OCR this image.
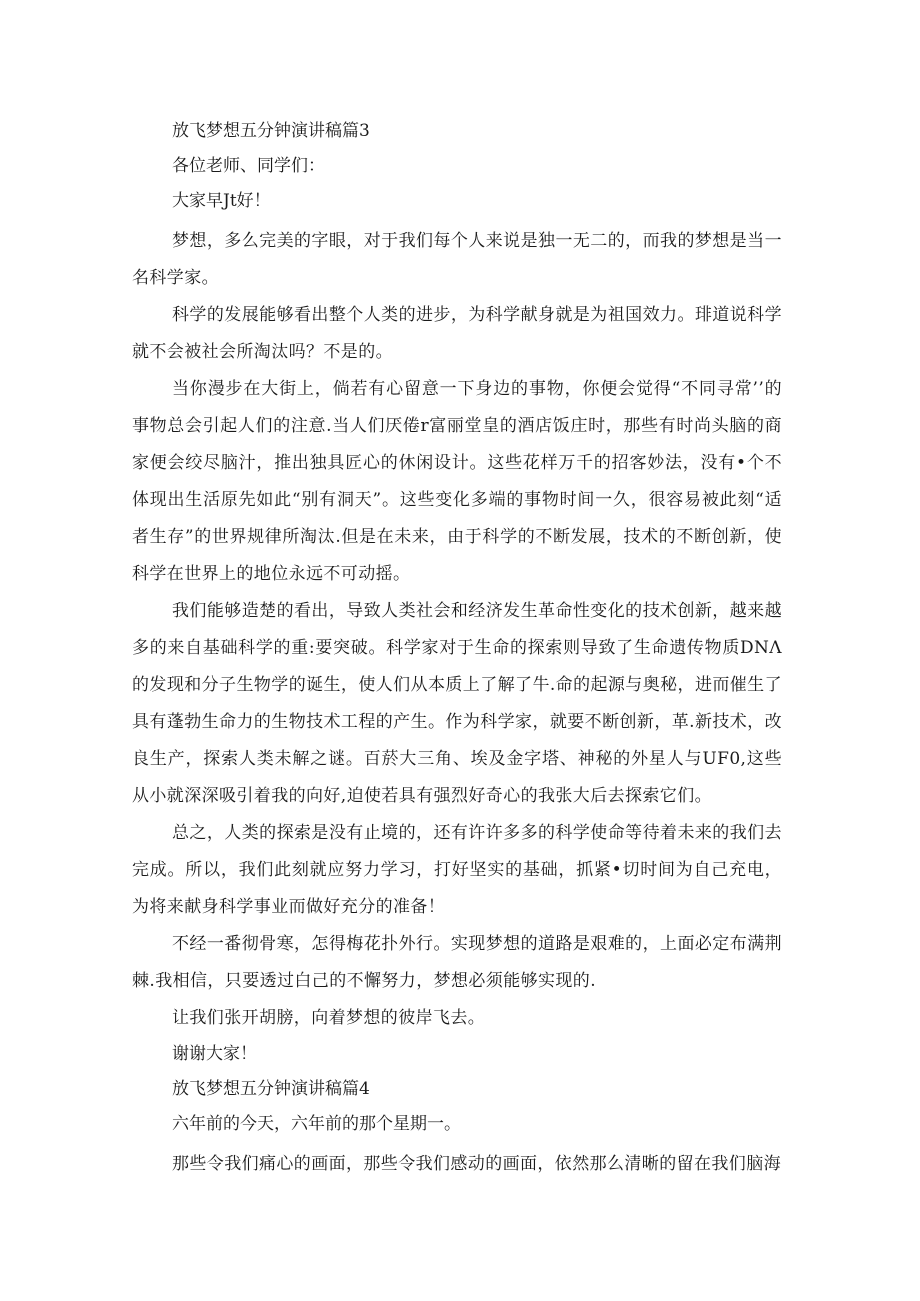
放飞梦想五分钟演讲稿篇3
各位老师、同学们：
大家早Jt好！
梦想，多么完美的字眼，对于我们每个人来说是独一无二的，而我的梦想是当一名科学家。
科学的发展能够看出整个人类的进步，为科学献身就是为祖国效力。琲道说科学就不会被社会所淘汰吗？不是的。
当你漫步在大街上，倘若有心留意一下身边的事物，你便会觉得“不同寻常’’的事物总会引起人们的注意.当人们厌倦r富丽堂皇的酒店饭庄时，那些有时尚头脑的商家便会绞尽脑汁，推出独具匠心的休闲设计。这些花样万千的招客妙法，没有•个不体现出生活原先如此“别有洞天”。这些变化多端的事物时间一久，很容易被此刻“适者生存”的世界规律所淘汰.但是在未来，由于科学的不断发展，技术的不断创新，使科学在世界上的地位永远不可动摇。
我们能够造楚的看出，导致人类社会和经济发生革命性变化的技术创新，越来越多的来自基础科学的重:要突破。科学家对于生命的探索则导致了生命遗传物质DNΛ的发现和分子生物学的诞生，使人们从本质上了解了牛.命的起源与奥秘，进而催生了具有蓬勃生命力的生物技术工程的产生。作为科学家，就要不断创新，革.新技术，改良生产，探索人类未解之谜。百菸大三角、埃及金字塔、神秘的外星人与UF0,这些从小就深深吸引着我的向好,迫使若具有强烈好奇心的我张大后去探索它们。
总之，人类的探索是没有止境的，还有许许多多的科学使命等待着未来的我们去完成。所以，我们此刻就应努力学习，打好坚实的基础，抓紧•切时间为自己充电，为将来献身科学事业而做好充分的准备！
不经一番彻骨寒，怎得梅花扑外行。实现梦想的道路是艰难的，上面必定布满荆棘.我相信，只要透过白己的不懈努力，梦想必须能够实现的.
让我们张开胡膀，向着梦想的彼岸飞去。
谢谢大家！
放飞梦想五分钟演讲稿篇4
六年前的今天，六年前的那个星期一。
那些令我们痛心的画面，那些令我们感动的画面，依然那么清晰的留在我们脑海
